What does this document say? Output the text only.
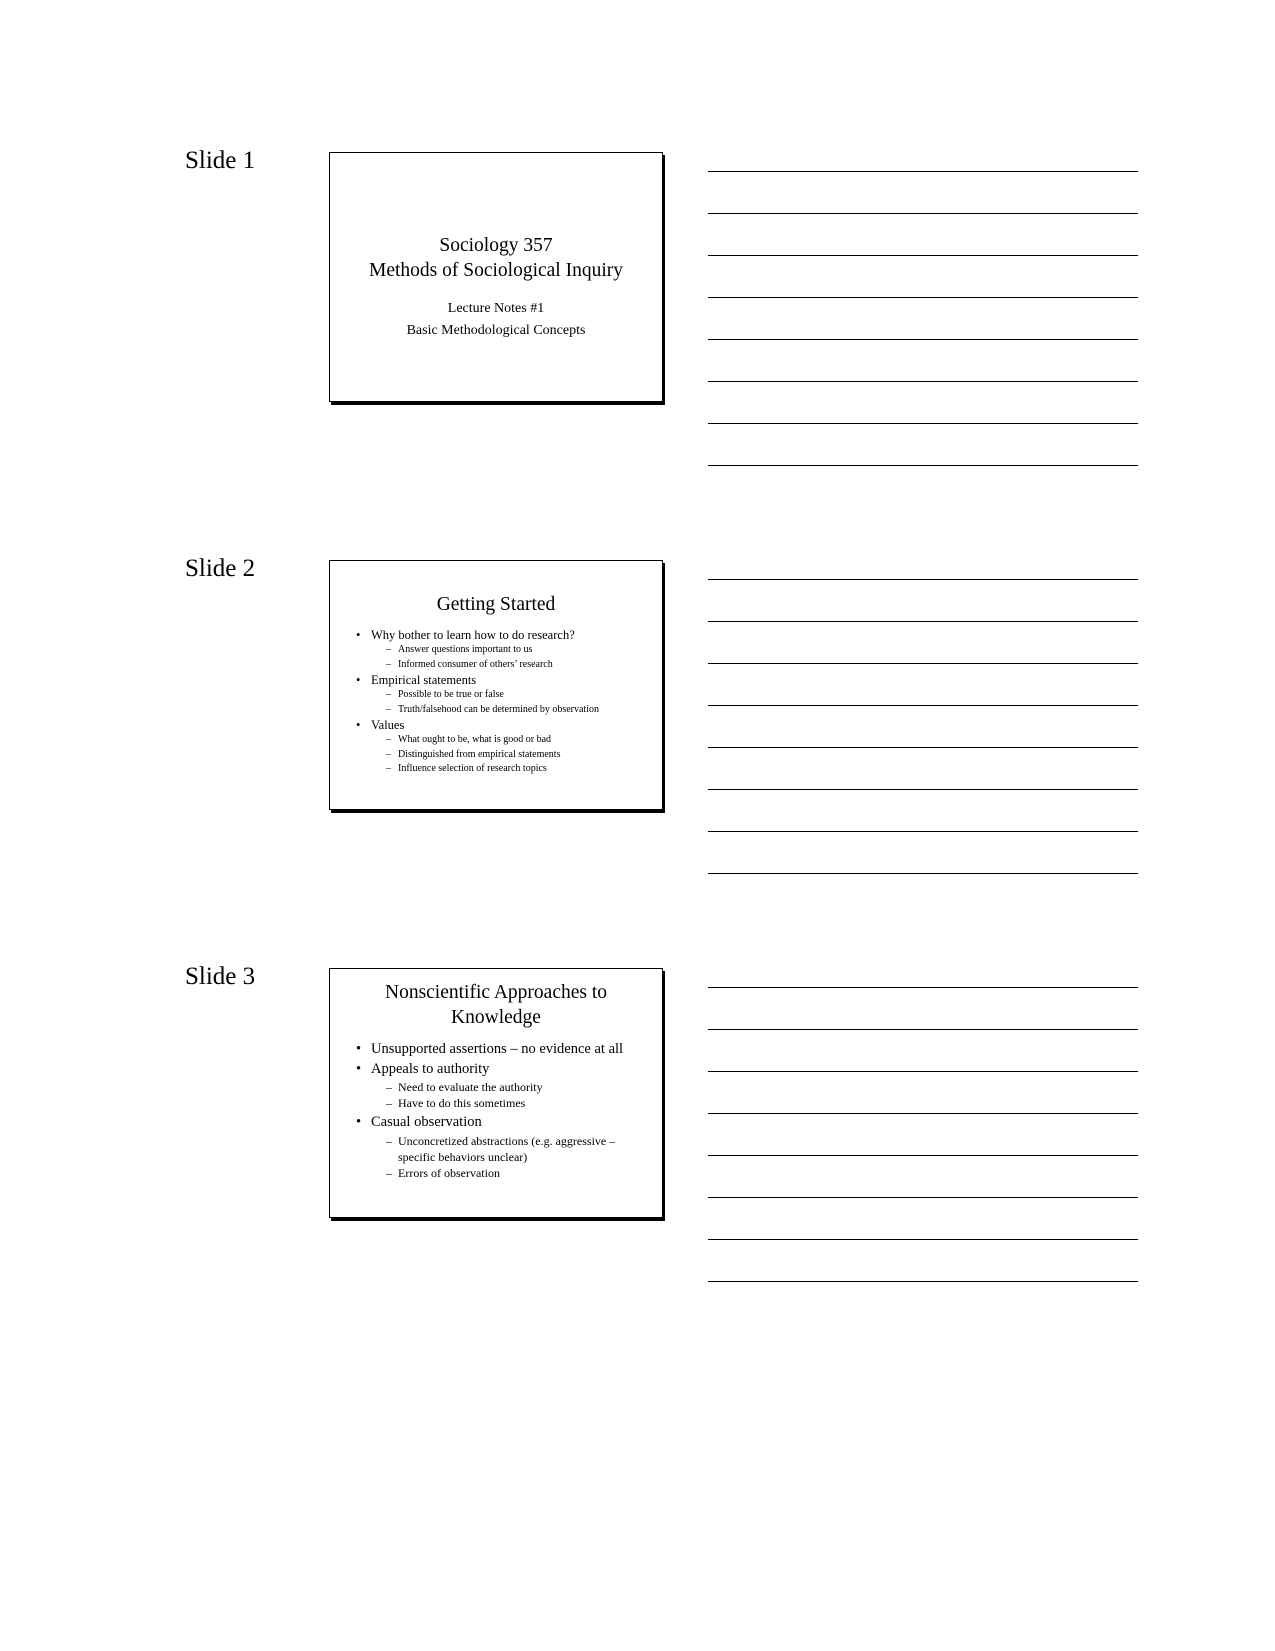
Slide 1
Sociology 357
Methods of Sociological Inquiry
Lecture Notes #1
Basic Methodological Concepts
Slide 2
Getting Started
• Why bother to learn how to do research?
– Answer questions important to us
– Informed consumer of others’ research
• Empirical statements
– Possible to be true or false
– Truth/falsehood can be determined by observation
• Values
– What ought to be, what is good or bad
– Distinguished from empirical statements
– Influence selection of research topics
Slide 3
Nonscientific Approaches to Knowledge
• Unsupported assertions – no evidence at all
• Appeals to authority
– Need to evaluate the authority
– Have to do this sometimes
• Casual observation
– Unconcretized abstractions (e.g. aggressive – specific behaviors unclear)
– Errors of observation
